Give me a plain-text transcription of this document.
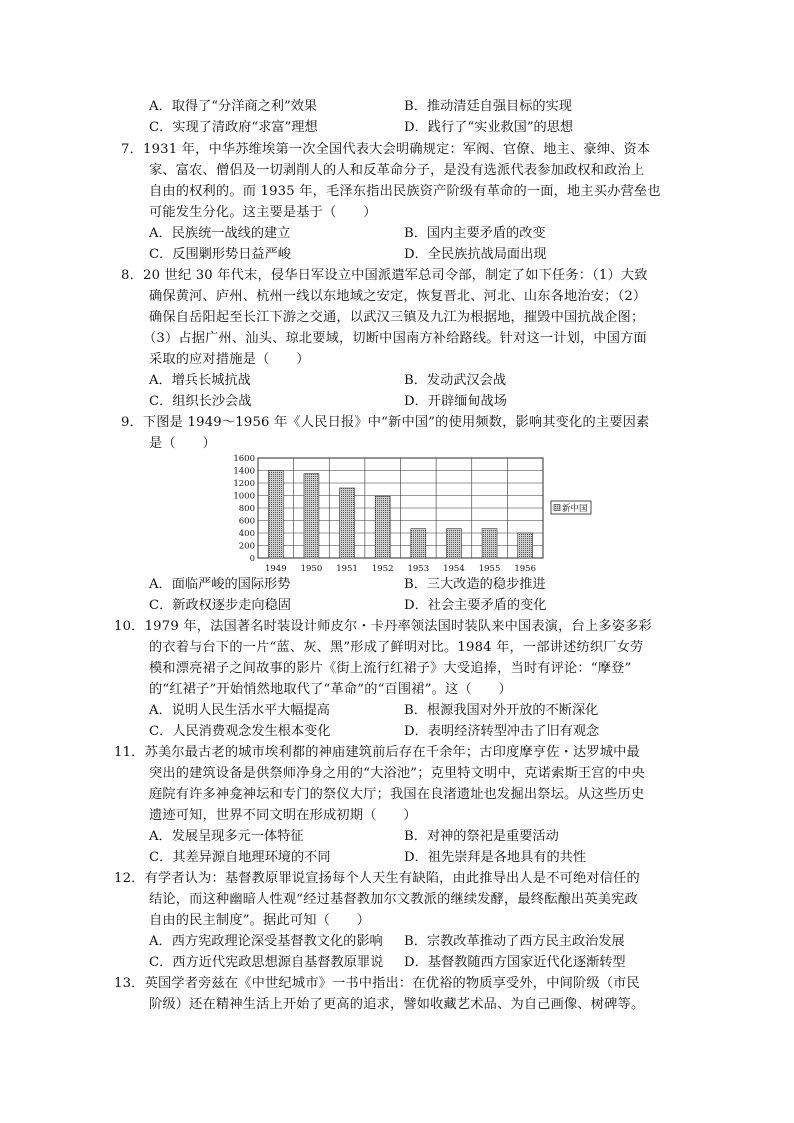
A．取得了“分洋商之利”效果	B．推动清廷自强目标的实现
C．实现了清政府“求富”理想	D．践行了“实业救国”的思想
7．1931 年，中华苏维埃第一次全国代表大会明确规定：军阀、官僚、地主、豪绅、资本
家、富农、僧侣及一切剥削人的人和反革命分子，是没有选派代表参加政权和政治上
自由的权利的。而 1935 年，毛泽东指出民族资产阶级有革命的一面，地主买办营垒也
可能发生分化。这主要是基于（　　）
A．民族统一战线的建立	B．国内主要矛盾的改变
C．反围剿形势日益严峻	D．全民族抗战局面出现
8．20 世纪 30 年代末，侵华日军设立中国派遣军总司令部，制定了如下任务：（1）大致
确保黄河、庐州、杭州一线以东地域之安定，恢复晋北、河北、山东各地治安；（2）
确保自岳阳起至长江下游之交通，以武汉三镇及九江为根据地，摧毁中国抗战企图；
（3）占据广州、汕头、琼北要域，切断中国南方补给路线。针对这一计划，中国方面
采取的应对措施是（　　）
A．增兵长城抗战	B．发动武汉会战
C．组织长沙会战	D．开辟缅甸战场
9．下图是 1949～1956 年《人民日报》中“新中国”的使用频数，影响其变化的主要因素
是（　　）
0
200
400
600
800
1000
1200
1400
1600
1949 1950 1951 1952 1953 1954 1955 1956
新中国
A．面临严峻的国际形势	B．三大改造的稳步推进
C．新政权逐步走向稳固	D．社会主要矛盾的变化
10．1979 年，法国著名时装设计师皮尔・卡丹率领法国时装队来中国表演，台上多姿多彩
的衣着与台下的一片“蓝、灰、黑”形成了鲜明对比。1984 年，一部讲述纺织厂女劳
模和漂亮裙子之间故事的影片《街上流行红裙子》大受追捧，当时有评论：“摩登”
的“红裙子”开始悄然地取代了“革命”的“百围裙”。这（　　）
A．说明人民生活水平大幅提高	B．根源我国对外开放的不断深化
C．人民消费观念发生根本变化	D．表明经济转型冲击了旧有观念
11．苏美尔最古老的城市埃利都的神庙建筑前后存在千余年；古印度摩亨佐・达罗城中最
突出的建筑设备是供祭师净身之用的“大浴池”；克里特文明中，克诺索斯王宫的中央
庭院有许多神龛神坛和专门的祭仪大厅；我国在良渚遗址也发掘出祭坛。从这些历史
遗迹可知，世界不同文明在形成初期（　　）
A．发展呈现多元一体特征	B．对神的祭祀是重要活动
C．其差异源自地理环境的不同	D．祖先崇拜是各地具有的共性
12．有学者认为：基督教原罪说宣扬每个人天生有缺陷，由此推导出人是不可绝对信任的
结论，而这种幽暗人性观“经过基督教加尔文教派的继续发酵，最终酝酿出英美宪政
自由的民主制度”。据此可知（　　）
A．西方宪政理论深受基督教文化的影响 B．宗教改革推动了西方民主政治发展
C．西方近代宪政思想源自基督教原罪说 D．基督教随西方国家近代化逐渐转型
13．英国学者旁兹在《中世纪城市》一书中指出：在优裕的物质享受外，中间阶级（市民
阶级）还在精神生活上开始了更高的追求，譬如收藏艺术品、为自己画像、树碑等。
